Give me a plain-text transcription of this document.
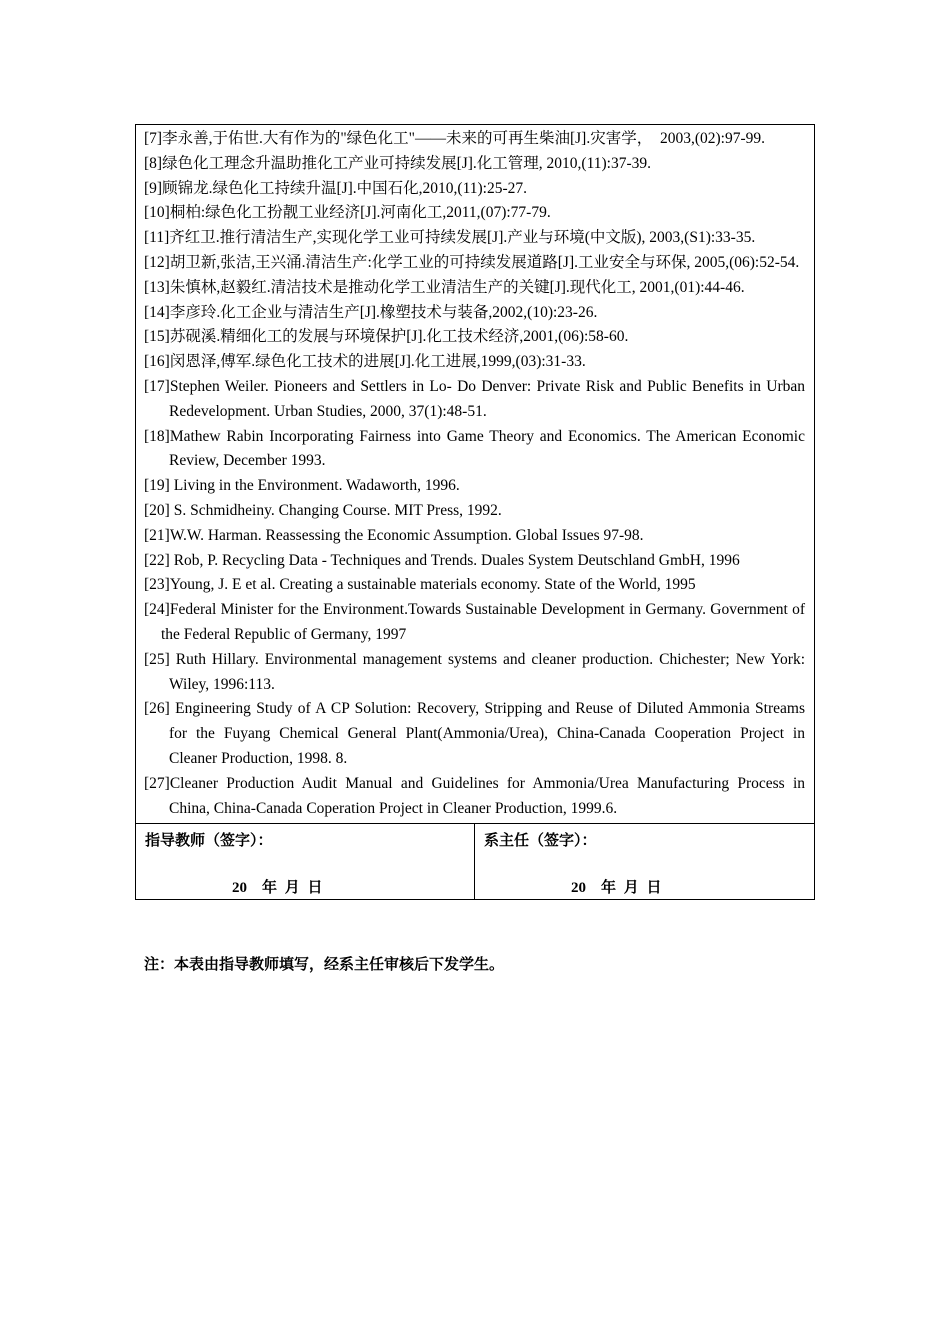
[7]李永善,于佑世.大有作为的"绿色化工"——未来的可再生柴油[J].灾害学，　2003,(02):97-99.

[8]绿色化工理念升温助推化工产业可持续发展[J].化工管理, 2010,(11):37-39.

[9]顾锦龙.绿色化工持续升温[J].中国石化,2010,(11):25-27.

[10]桐柏:绿色化工扮靓工业经济[J].河南化工,2011,(07):77-79.

[11]齐红卫.推行清洁生产,实现化学工业可持续发展[J].产业与环境(中文版), 2003,(S1):33-35.

[12]胡卫新,张洁,王兴涌.清洁生产:化学工业的可持续发展道路[J].工业安全与环保, 2005,(06):52-54.

[13]朱慎林,赵毅红.清洁技术是推动化学工业清洁生产的关键[J].现代化工, 2001,(01):44-46.

[14]李彦玲.化工企业与清洁生产[J].橡塑技术与装备,2002,(10):23-26.

[15]苏砚溪.精细化工的发展与环境保护[J].化工技术经济,2001,(06):58-60.

[16]闵恩泽,傅军.绿色化工技术的进展[J].化工进展,1999,(03):31-33.

[17]Stephen Weiler. Pioneers and Settlers in Lo- Do Denver: Private Risk and Public Benefits in Urban Redevelopment. Urban Studies, 2000, 37(1):48-51.

[18]Mathew Rabin Incorporating Fairness into Game Theory and Economics. The American Economic Review, December 1993.

[19] Living in the Environment. Wadaworth, 1996.

[20] S. Schmidheiny. Changing Course. MIT Press, 1992.

[21]W.W. Harman. Reassessing the Economic Assumption. Global Issues 97-98.

[22] Rob, P. Recycling Data - Techniques and Trends. Duales System Deutschland GmbH, 1996

[23]Young, J. E et al. Creating a sustainable materials economy. State of the World, 1995

[24]Federal Minister for the Environment.Towards Sustainable Development in Germany. Government of the Federal Republic of Germany, 1997

[25] Ruth Hillary. Environmental management systems and cleaner production. Chichester; New York: Wiley, 1996:113.

[26] Engineering Study of A CP Solution: Recovery, Stripping and Reuse of Diluted Ammonia Streams for the Fuyang Chemical General Plant(Ammonia/Urea), China-Canada Cooperation Project in Cleaner Production, 1998. 8.

[27]Cleaner Production Audit Manual and Guidelines for Ammonia/Urea Manufacturing Process in China, China-Canada Coperation Project in Cleaner Production, 1999.6.

指导教师（签字）：
20　年 月 日
系主任（签字）：
20　年 月 日
注：本表由指导教师填写，经系主任审核后下发学生。
